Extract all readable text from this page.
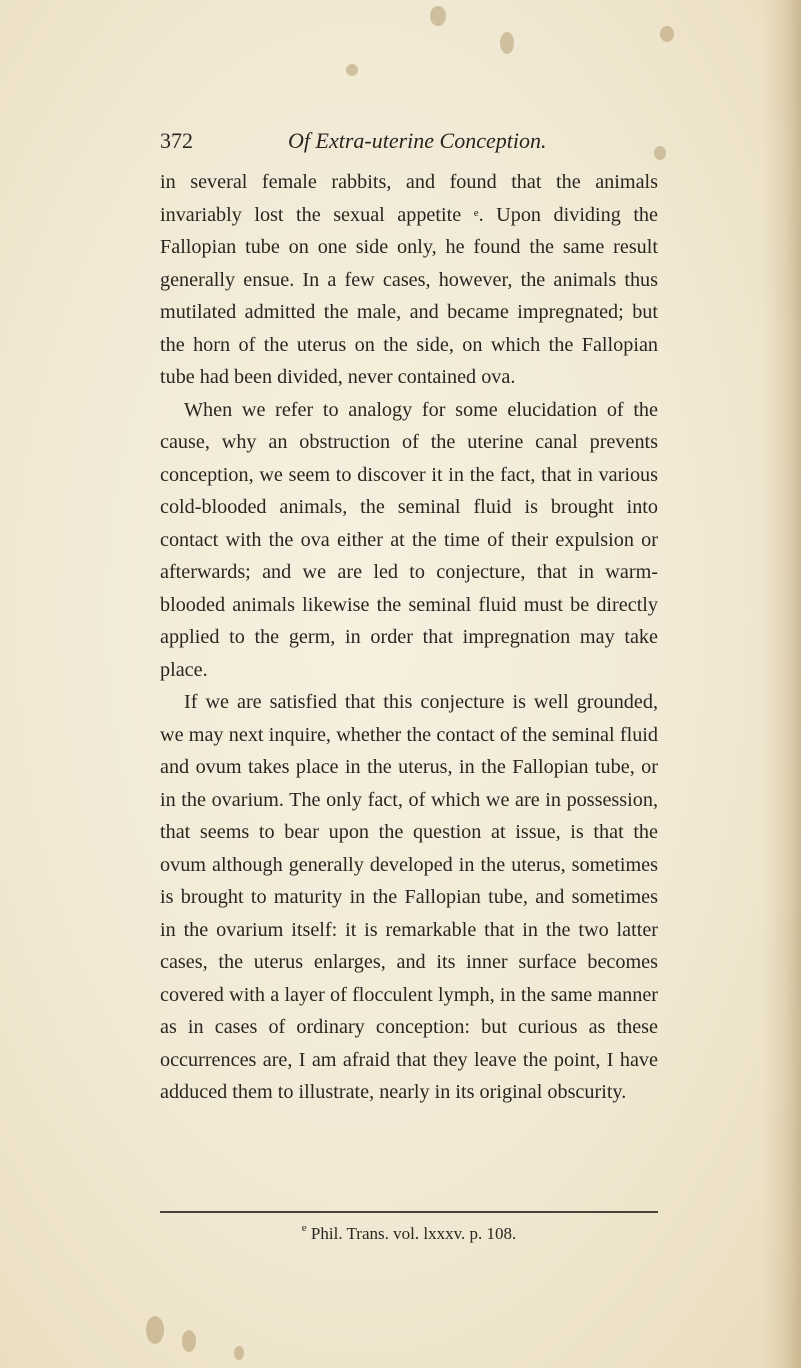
372	Of Extra-uterine Conception.

in several female rabbits, and found that the animals invariably lost the sexual appetite $^e$. Upon dividing the Fallopian tube on one side only, he found the same result generally ensue. In a few cases, however, the animals thus mutilated admitted the male, and became impregnated; but the horn of the uterus on the side, on which the Fallopian tube had been divided, never contained ova.

When we refer to analogy for some elucidation of the cause, why an obstruction of the uterine canal prevents conception, we seem to discover it in the fact, that in various cold-blooded animals, the seminal fluid is brought into contact with the ova either at the time of their expulsion or afterwards; and we are led to conjecture, that in warm-blooded animals likewise the seminal fluid must be directly applied to the germ, in order that impregnation may take place.

If we are satisfied that this conjecture is well grounded, we may next inquire, whether the contact of the seminal fluid and ovum takes place in the uterus, in the Fallopian tube, or in the ovarium. The only fact, of which we are in possession, that seems to bear upon the question at issue, is that the ovum although generally developed in the uterus, sometimes is brought to maturity in the Fallopian tube, and sometimes in the ovarium itself: it is remarkable that in the two latter cases, the uterus enlarges, and its inner surface becomes covered with a layer of flocculent lymph, in the same manner as in cases of ordinary conception: but curious as these occurrences are, I am afraid that they leave the point, I have adduced them to illustrate, nearly in its original obscurity.

$^e$ Phil. Trans. vol. lxxxv. p. 108.
